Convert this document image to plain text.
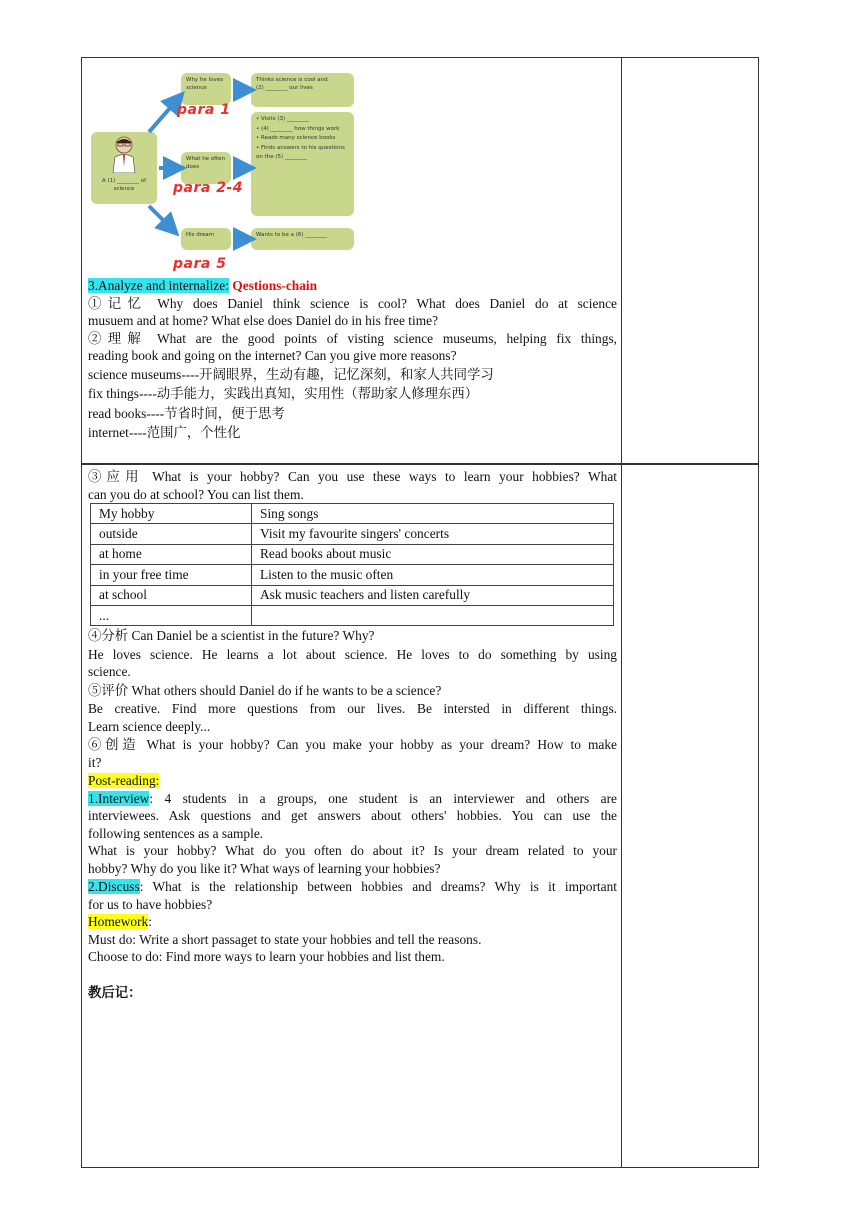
Why he loves science
Thinks science is cool and
(2) ________ our lives
A (1) ________ of science
What he often does
• Visits (3) ________
• (4) ________ how things work
• Reads many science books
• Finds answers to his questions on the (5) ________
His dream	Wants to be a (6) ________
para 1
para 2-4
para 5
3.Analyze and internalize: Qestions-chain
①记忆 Why does Daniel think science is cool? What does Daniel do at science
musuem and at home? What else does Daniel do in his free time?
②理解 What are the good points of visting science museums, helping fix things,
reading book and going on the internet? Can you give more reasons?
science museums----开阔眼界，生动有趣，记忆深刻，和家人共同学习
fix things----动手能力，实践出真知，实用性（帮助家人修理东西）
read books----节省时间，便于思考
internet----范围广，个性化
③应用 What is your hobby? Can you use these ways to learn your hobbies? What
can you do at school? You can list them.
My hobby	Sing songs
outside	Visit my favourite singers' concerts
at home	Read books about music
in your free time	Listen to the music often
at school	Ask music teachers and listen carefully
...	
④分析 Can Daniel be a scientist in the future? Why?
He loves science. He learns a lot about science. He loves to do something by using
science.
⑤评价 What others should Daniel do if he wants to be a science?
Be creative. Find more questions from our lives. Be intersted in different things.
Learn science deeply...
⑥创造 What is your hobby? Can you make your hobby as your dream? How to make
it?
Post-reading:
1.Interview: 4 students in a groups, one student is an interviewer and others are
interviewees. Ask questions and get answers about others' hobbies. You can use the
following sentences as a sample.
What is your hobby? What do you often do about it? Is your dream related to your
hobby? Why do you like it? What ways of learning your hobbies?
2.Discuss: What is the relationship between hobbies and dreams? Why is it important
for us to have hobbies?
Homework:
Must do: Write a short passaget to state your hobbies and tell the reasons.
Choose to do: Find more ways to learn your hobbies and list them.
教后记：
